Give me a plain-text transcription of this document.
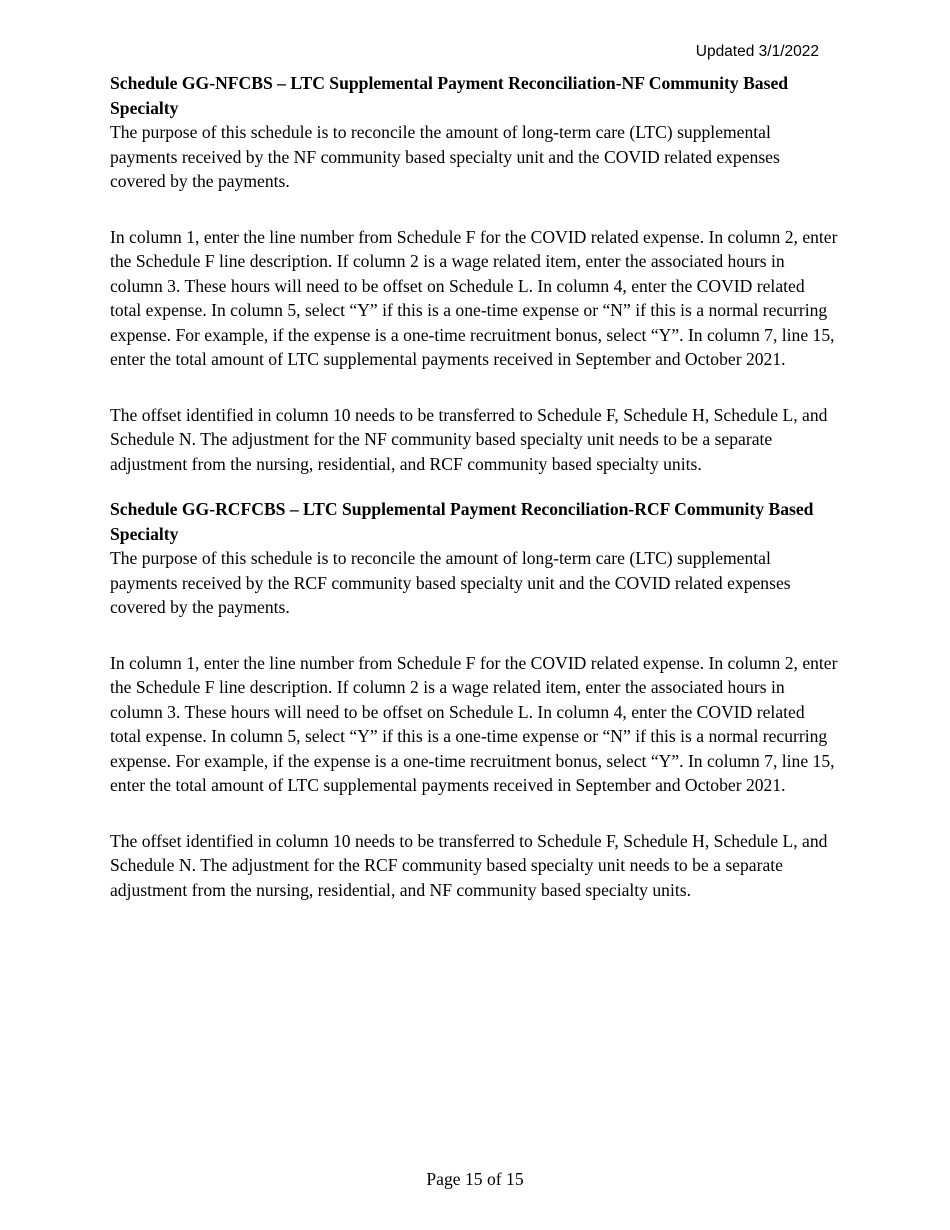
Updated 3/1/2022
Schedule GG-NFCBS – LTC Supplemental Payment Reconciliation-NF Community Based Specialty

The purpose of this schedule is to reconcile the amount of long-term care (LTC) supplemental payments received by the NF community based specialty unit and the COVID related expenses covered by the payments.

In column 1, enter the line number from Schedule F for the COVID related expense. In column 2, enter the Schedule F line description. If column 2 is a wage related item, enter the associated hours in column 3. These hours will need to be offset on Schedule L. In column 4, enter the COVID related total expense. In column 5, select “Y” if this is a one-time expense or “N” if this is a normal recurring expense. For example, if the expense is a one-time recruitment bonus, select “Y”. In column 7, line 15, enter the total amount of LTC supplemental payments received in September and October 2021.

The offset identified in column 10 needs to be transferred to Schedule F, Schedule H, Schedule L, and Schedule N. The adjustment for the NF community based specialty unit needs to be a separate adjustment from the nursing, residential, and RCF community based specialty units.

Schedule GG-RCFCBS – LTC Supplemental Payment Reconciliation-RCF Community Based Specialty

The purpose of this schedule is to reconcile the amount of long-term care (LTC) supplemental payments received by the RCF community based specialty unit and the COVID related expenses covered by the payments.

In column 1, enter the line number from Schedule F for the COVID related expense. In column 2, enter the Schedule F line description. If column 2 is a wage related item, enter the associated hours in column 3. These hours will need to be offset on Schedule L. In column 4, enter the COVID related total expense. In column 5, select “Y” if this is a one-time expense or “N” if this is a normal recurring expense. For example, if the expense is a one-time recruitment bonus, select “Y”. In column 7, line 15, enter the total amount of LTC supplemental payments received in September and October 2021.

The offset identified in column 10 needs to be transferred to Schedule F, Schedule H, Schedule L, and Schedule N. The adjustment for the RCF community based specialty unit needs to be a separate adjustment from the nursing, residential, and NF community based specialty units.

Page 15 of 15
